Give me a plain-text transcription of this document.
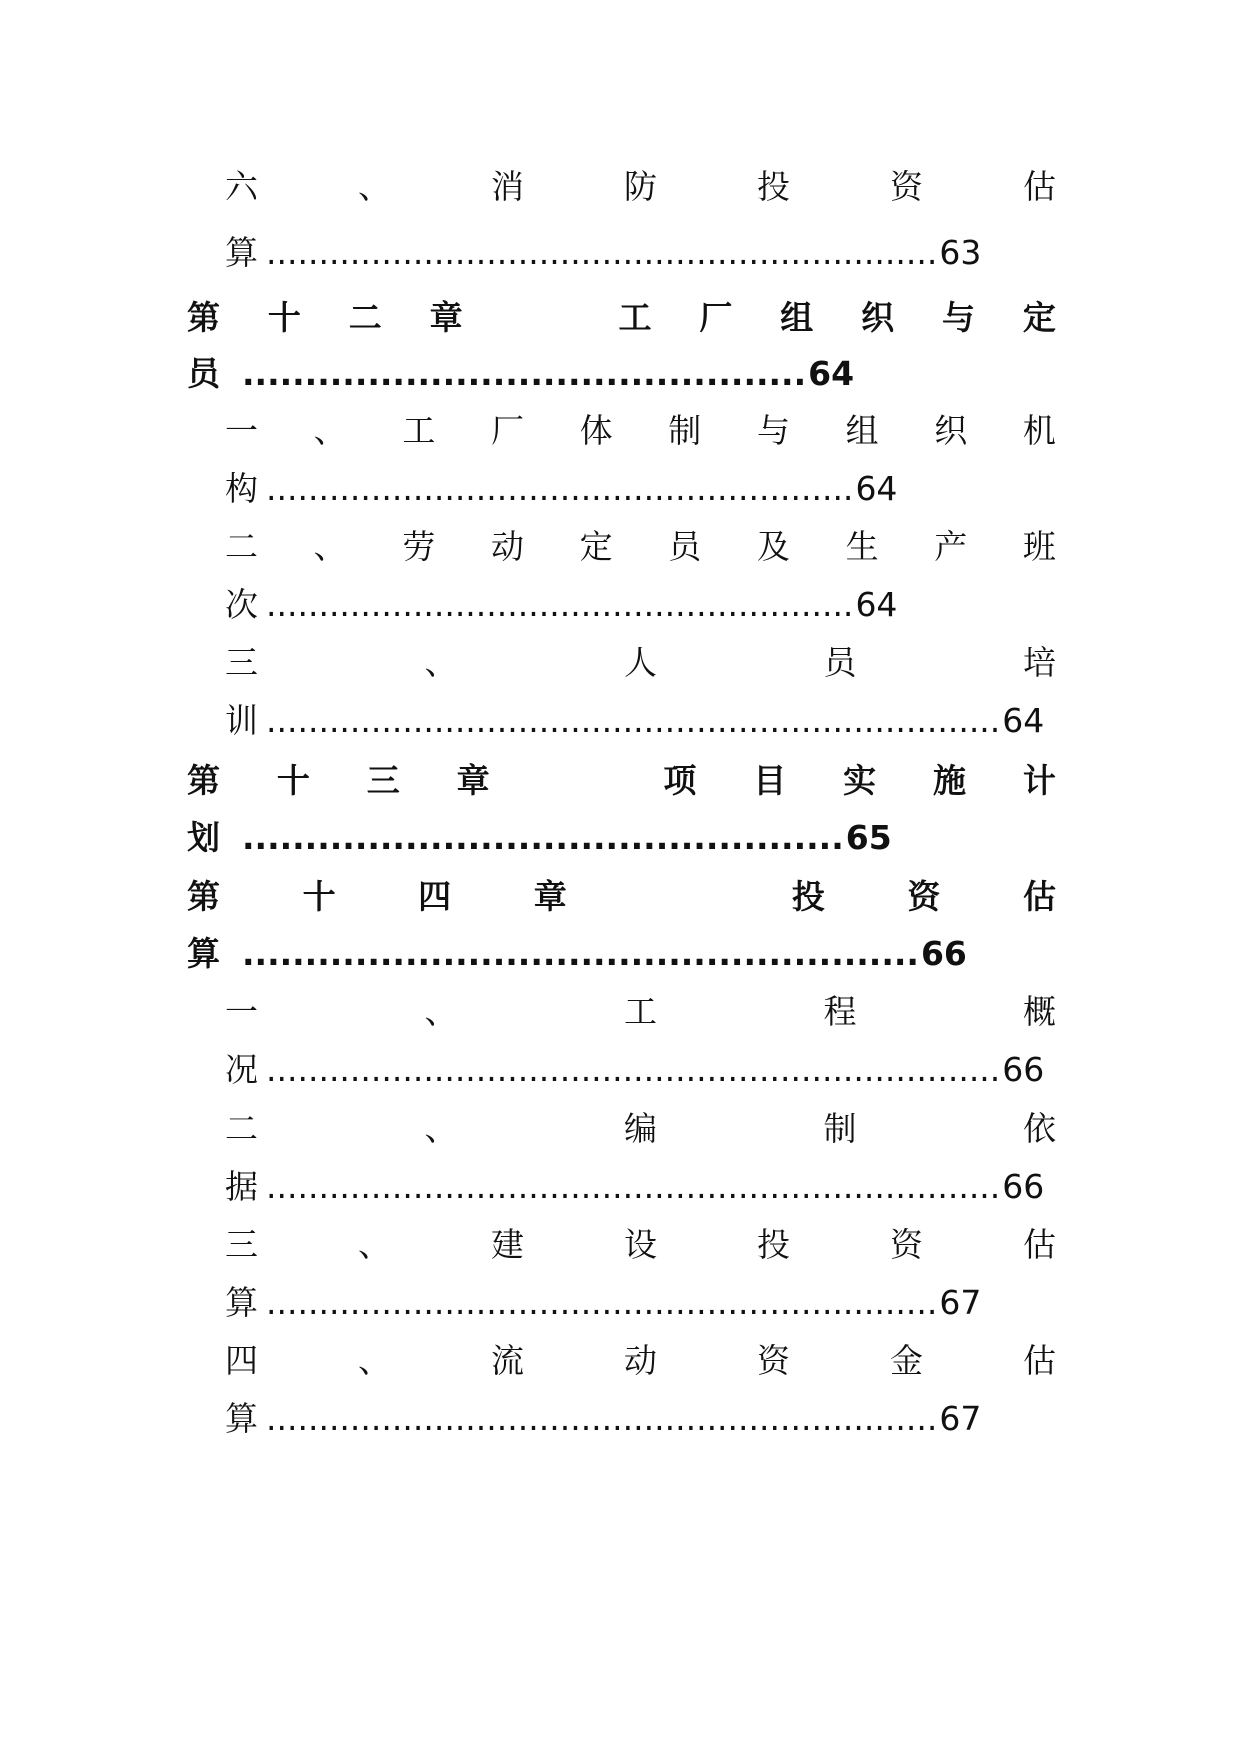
六	、	消	防	投	资	估
算 ................................................................ 63
第 十 二 章	工 厂 组 织 与 定
员 ............................................. 64
一 、 工 厂 体 制 与 组 织 机
构 ........................................................ 64
二 、 劳 动 定 员 及 生 产 班
次 ........................................................ 64
三	、	人	员	培
训 ...................................................................... 64
第 十 三 章	项 目 实 施 计
划 ................................................ 65
第	十	四	章	投	资	估
算 ...................................................... 66
一	、	工	程	概
况 ...................................................................... 66
二	、	编	制	依
据 ...................................................................... 66
三	、	建	设	投	资	估
算 ................................................................ 67
四	、	流	动	资	金	估
算 ................................................................ 67
